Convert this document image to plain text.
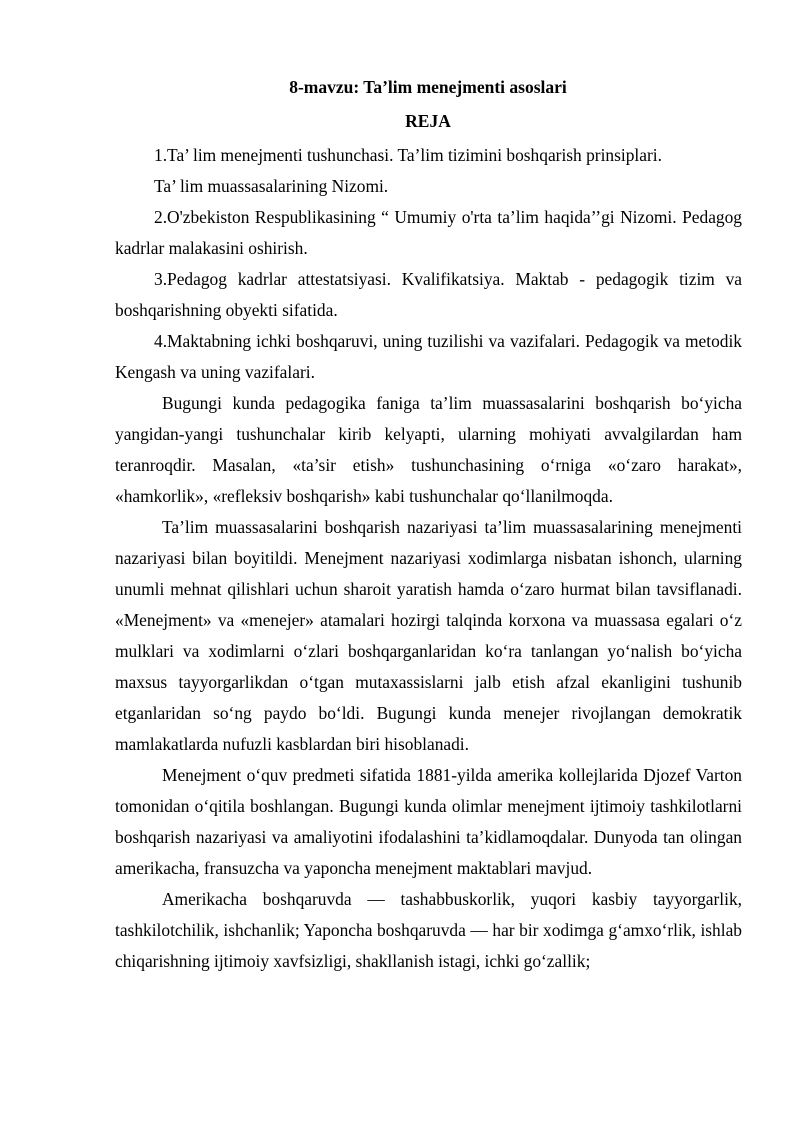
8-mavzu: Ta’lim menejmenti asoslari
REJA

1.Ta’ lim menejmenti tushunchasi. Ta’lim tizimini boshqarish prinsiplari.

Ta’ lim muassasalarining Nizomi.

2.O'zbekiston Respublikasining “ Umumiy o'rta ta’lim haqida’’gi Nizomi. Pedagog kadrlar malakasini oshirish.

3.Pedagog kadrlar attestatsiyasi. Kvalifikatsiya. Maktab - pedagogik tizim va boshqarishning obyekti sifatida.

4.Maktabning ichki boshqaruvi, uning tuzilishi va vazifalari. Pedagogik va metodik Kengash va uning vazifalari.

Bugungi kunda pedagogika faniga ta’lim muassasalarini boshqarish bo‘yicha yangidan-yangi tushunchalar kirib kelyapti, ularning mohiyati avvalgilardan ham teranroqdir. Masalan, «ta’sir etish» tushunchasining o‘rniga «o‘zaro harakat», «hamkorlik», «refleksiv boshqarish» kabi tushunchalar qo‘llanilmoqda.

Ta’lim muassasalarini boshqarish nazariyasi ta’lim muassasalarining menejmenti nazariyasi bilan boyitildi. Menejment nazariyasi xodimlarga nisbatan ishonch, ularning unumli mehnat qilishlari uchun sharoit yaratish hamda o‘zaro hurmat bilan tavsiflanadi. «Menejment» va «menejer» atamalari hozirgi talqinda korxona va muassasa egalari o‘z mulklari va xodimlarni o‘zlari boshqarganlaridan ko‘ra tanlangan yo‘nalish bo‘yicha maxsus tayyorgarlikdan o‘tgan mutaxassislarni jalb etish afzal ekanligini tushunib etganlaridan so‘ng paydo bo‘ldi. Bugungi kunda menejer rivojlangan demokratik mamlakatlarda nufuzli kasblardan biri hisoblanadi.

Menejment o‘quv predmeti sifatida 1881-yilda amerika kollejlarida Djozef Varton tomonidan o‘qitila boshlangan. Bugungi kunda olimlar menejment ijtimoiy tashkilotlarni boshqarish nazariyasi va amaliyotini ifodalashini ta’kidlamoqdalar. Dunyoda tan olingan amerikacha, fransuzcha va yaponcha menejment maktablari mavjud.

Amerikacha boshqaruvda — tashabbuskorlik, yuqori kasbiy tayyorgarlik, tashkilotchilik, ishchanlik; Yaponcha boshqaruvda — har bir xodimga g‘amxo‘rlik, ishlab chiqarishning ijtimoiy xavfsizligi, shakllanish istagi, ichki go‘zallik;
